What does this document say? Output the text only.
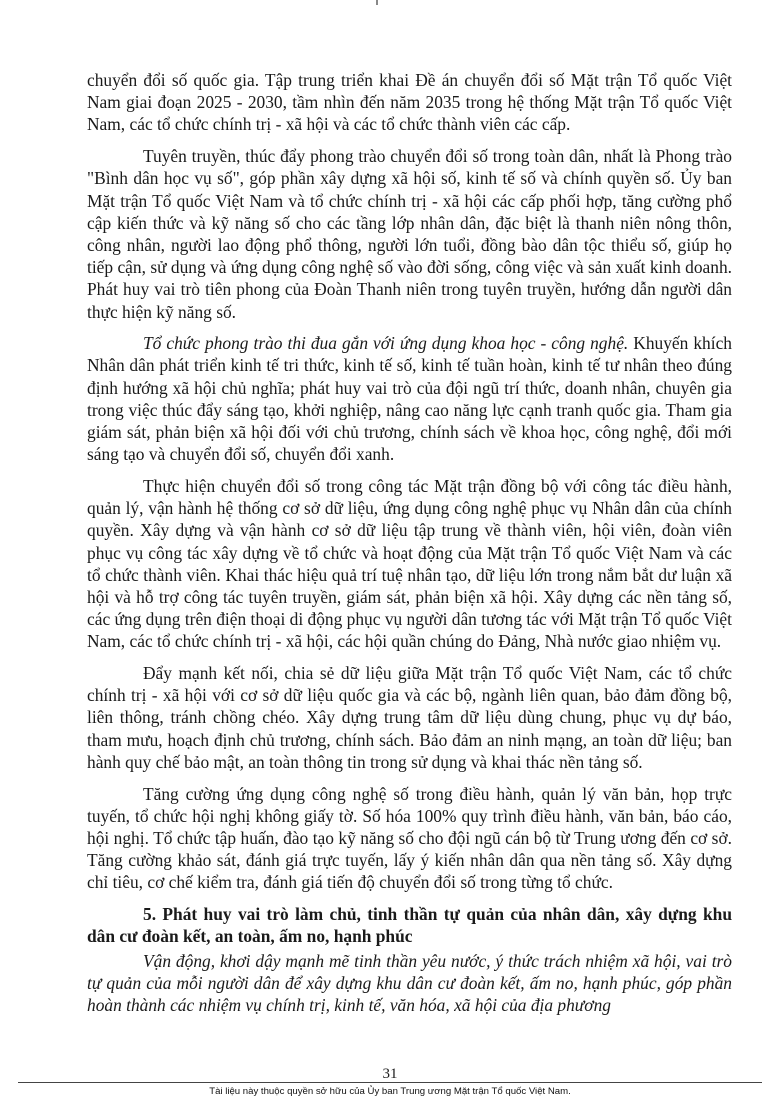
chuyển đổi số quốc gia. Tập trung triển khai Đề án chuyển đổi số Mặt trận Tổ quốc Việt Nam giai đoạn 2025 - 2030, tầm nhìn đến năm 2035 trong hệ thống Mặt trận Tổ quốc Việt Nam, các tổ chức chính trị - xã hội và các tổ chức thành viên các cấp.

Tuyên truyền, thúc đẩy phong trào chuyển đổi số trong toàn dân, nhất là Phong trào "Bình dân học vụ số", góp phần xây dựng xã hội số, kinh tế số và chính quyền số. Ủy ban Mặt trận Tổ quốc Việt Nam và tổ chức chính trị - xã hội các cấp phối hợp, tăng cường phổ cập kiến thức và kỹ năng số cho các tầng lớp nhân dân, đặc biệt là thanh niên nông thôn, công nhân, người lao động phổ thông, người lớn tuổi, đồng bào dân tộc thiểu số, giúp họ tiếp cận, sử dụng và ứng dụng công nghệ số vào đời sống, công việc và sản xuất kinh doanh. Phát huy vai trò tiên phong của Đoàn Thanh niên trong tuyên truyền, hướng dẫn người dân thực hiện kỹ năng số.

Tổ chức phong trào thi đua gắn với ứng dụng khoa học - công nghệ. Khuyến khích Nhân dân phát triển kinh tế tri thức, kinh tế số, kinh tế tuần hoàn, kinh tế tư nhân theo đúng định hướng xã hội chủ nghĩa; phát huy vai trò của đội ngũ trí thức, doanh nhân, chuyên gia trong việc thúc đẩy sáng tạo, khởi nghiệp, nâng cao năng lực cạnh tranh quốc gia. Tham gia giám sát, phản biện xã hội đối với chủ trương, chính sách về khoa học, công nghệ, đổi mới sáng tạo và chuyển đổi số, chuyển đổi xanh.

Thực hiện chuyển đổi số trong công tác Mặt trận đồng bộ với công tác điều hành, quản lý, vận hành hệ thống cơ sở dữ liệu, ứng dụng công nghệ phục vụ Nhân dân của chính quyền. Xây dựng và vận hành cơ sở dữ liệu tập trung về thành viên, hội viên, đoàn viên phục vụ công tác xây dựng về tổ chức và hoạt động của Mặt trận Tổ quốc Việt Nam và các tổ chức thành viên. Khai thác hiệu quả trí tuệ nhân tạo, dữ liệu lớn trong nắm bắt dư luận xã hội và hỗ trợ công tác tuyên truyền, giám sát, phản biện xã hội. Xây dựng các nền tảng số, các ứng dụng trên điện thoại di động phục vụ người dân tương tác với Mặt trận Tổ quốc Việt Nam, các tổ chức chính trị - xã hội, các hội quần chúng do Đảng, Nhà nước giao nhiệm vụ.

Đẩy mạnh kết nối, chia sẻ dữ liệu giữa Mặt trận Tổ quốc Việt Nam, các tổ chức chính trị - xã hội với cơ sở dữ liệu quốc gia và các bộ, ngành liên quan, bảo đảm đồng bộ, liên thông, tránh chồng chéo. Xây dựng trung tâm dữ liệu dùng chung, phục vụ dự báo, tham mưu, hoạch định chủ trương, chính sách. Bảo đảm an ninh mạng, an toàn dữ liệu; ban hành quy chế bảo mật, an toàn thông tin trong sử dụng và khai thác nền tảng số.

Tăng cường ứng dụng công nghệ số trong điều hành, quản lý văn bản, họp trực tuyến, tổ chức hội nghị không giấy tờ. Số hóa 100% quy trình điều hành, văn bản, báo cáo, hội nghị. Tổ chức tập huấn, đào tạo kỹ năng số cho đội ngũ cán bộ từ Trung ương đến cơ sở. Tăng cường khảo sát, đánh giá trực tuyến, lấy ý kiến nhân dân qua nền tảng số. Xây dựng chỉ tiêu, cơ chế kiểm tra, đánh giá tiến độ chuyển đổi số trong từng tổ chức.

5. Phát huy vai trò làm chủ, tinh thần tự quản của nhân dân, xây dựng khu dân cư đoàn kết, an toàn, ấm no, hạnh phúc

Vận động, khơi dậy mạnh mẽ tinh thần yêu nước, ý thức trách nhiệm xã hội, vai trò tự quản của mỗi người dân để xây dựng khu dân cư đoàn kết, ấm no, hạnh phúc, góp phần hoàn thành các nhiệm vụ chính trị, kinh tế, văn hóa, xã hội của địa phương

31
Tài liệu này thuộc quyền sở hữu của Ủy ban Trung ương Mặt trận Tổ quốc Việt Nam.
